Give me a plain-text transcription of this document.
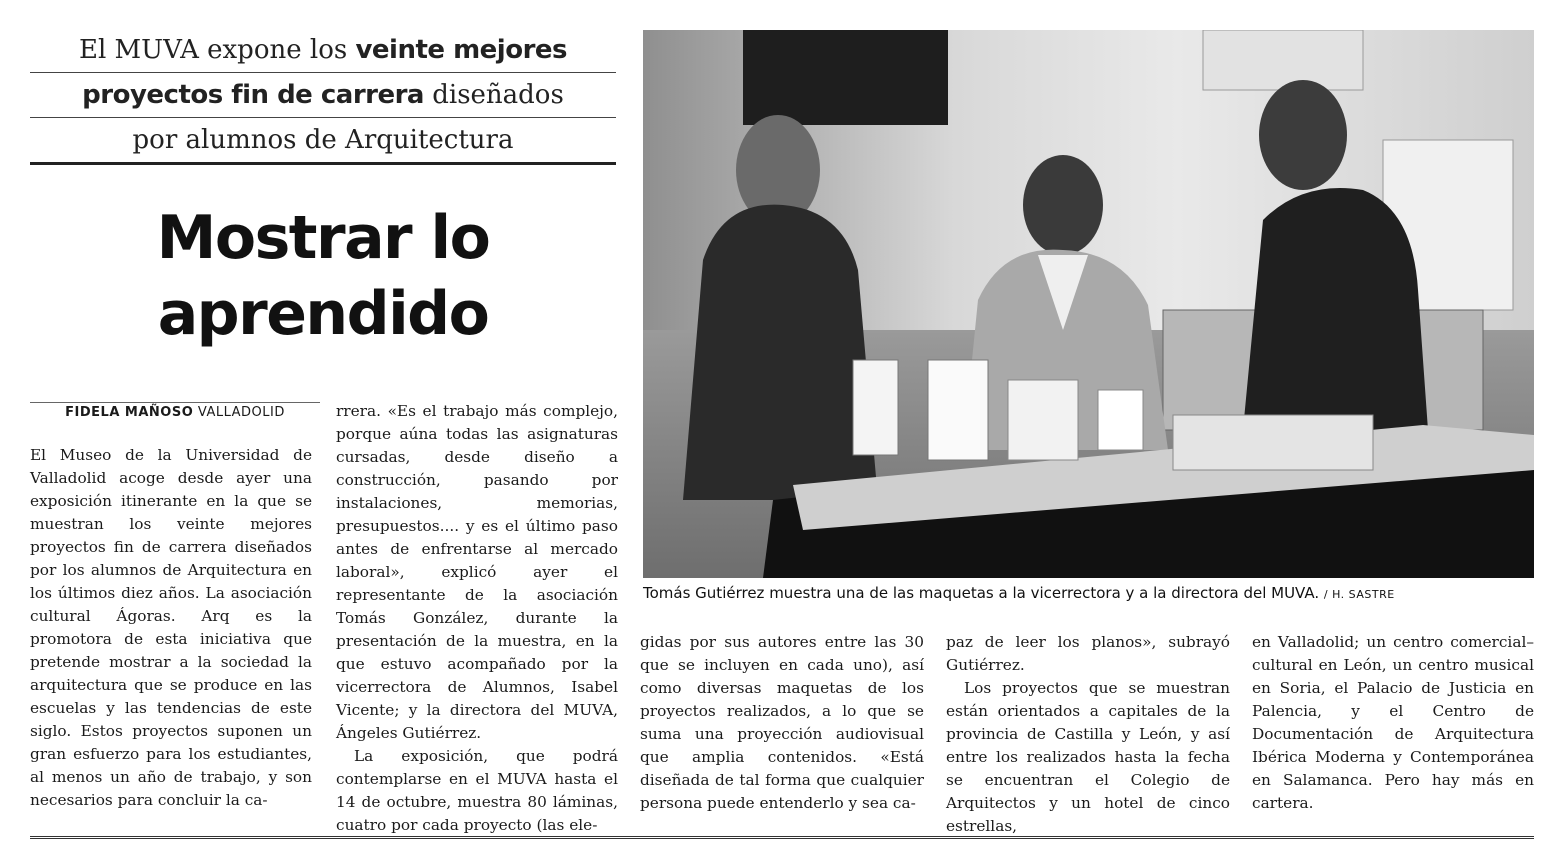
El MUVA expone los veinte mejores
proyectos fin de carrera diseñados
por alumnos de Arquitectura
Mostrar lo
aprendido
FIDELA MAÑOSO VALLADOLID

El Museo de la Universidad de Valladolid acoge desde ayer una exposición itinerante en la que se muestran los veinte mejores proyectos fin de carrera diseñados por los alumnos de Arquitectura en los últimos diez años. La asociación cultural Ágoras. Arq es la promotora de esta iniciativa que pretende mostrar a la sociedad la arquitectura que se produce en las escuelas y las tendencias de este siglo. Estos proyectos suponen un gran esfuerzo para los estudiantes, al menos un año de trabajo, y son necesarios para concluir la ca-

rrera. «Es el trabajo más complejo, porque aúna todas las asignaturas cursadas, desde diseño a construcción, pasando por instalaciones, memorias, presupuestos.... y es el último paso antes de enfrentarse al mercado laboral», explicó ayer el representante de la asociación Tomás González, durante la presentación de la muestra, en la que estuvo acompañado por la vicerrectora de Alumnos, Isabel Vicente; y la directora del MUVA, Ángeles Gutiérrez.

La exposición, que podrá contemplarse en el MUVA hasta el 14 de octubre, muestra 80 láminas, cuatro por cada proyecto (las ele-

Tomás Gutiérrez muestra una de las maquetas a la vicerrectora y a la directora del MUVA. / H. SASTRE

gidas por sus autores entre las 30 que se incluyen en cada uno), así como diversas maquetas de los proyectos realizados, a lo que se suma una proyección audiovisual que amplia contenidos. «Está diseñada de tal forma que cualquier persona puede entenderlo y sea ca-

paz de leer los planos», subrayó Gutiérrez.

Los proyectos que se muestran están orientados a capitales de la provincia de Castilla y León, y así entre los realizados hasta la fecha se encuentran el Colegio de Arquitectos y un hotel de cinco estrellas,

en Valladolid; un centro comercial–cultural en León, un centro musical en Soria, el Palacio de Justicia en Palencia, y el Centro de Documentación de Arquitectura Ibérica Moderna y Contemporánea en Salamanca. Pero hay más en cartera.
